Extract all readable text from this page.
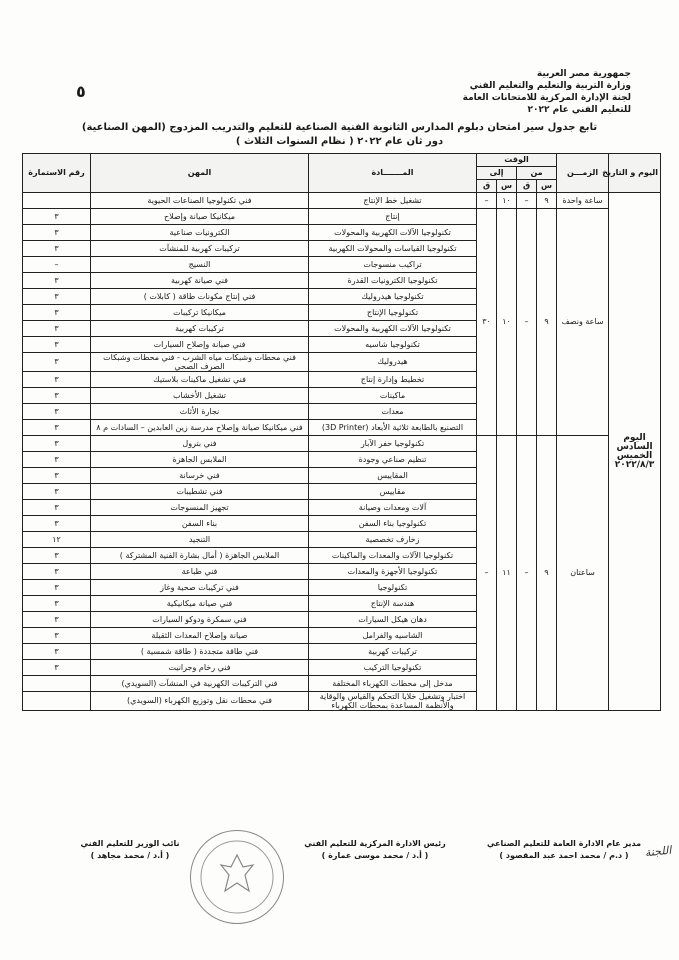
جمهورية مصر العربية
وزارة التربية والتعليم والتعليم الفني
لجنة الإدارة المركزية للامتحانات العامة
للتعليم الفني عام ٢٠٢٢
٥
تابع جدول سير امتحان دبلوم المدارس الثانوية الفنية الصناعية للتعليم والتدريب المزدوج (المهن الصناعية)
( نظام السنوات الثلاث ) دور ثان عام ٢٠٢٢
اليوم و التاريخ	الزمـــن	الوقت				المـــــــادة	المهن	رقم الاستمارة
		من		إلى				
		س	ق	س	ق			

اليوم
السادس
الخميس
٢٠٢٢/٨/٣	ساعة واحدة	٩	–	١٠	–	تشغيل خط الإنتاج	فني تكنولوجيا الصناعات الحيوية	
	ساعة ونصف	٩	–	١٠	٣٠	إنتاج	ميكانيكا صيانة وإصلاح	٣
						تكنولوجيا الآلات الكهربية والمحولات	الكترونيات صناعية	٣
						تكنولوجيا القياسات والمحولات الكهربية	تركيبات كهربية للمنشآت	٣
						تراكيب منسوجات	النسيج	–
						تكنولوجيا الكترونيات القدرة	فني صيانة كهربية	٣
						تكنولوجيا هيدروليك	فني إنتاج مكونات طاقة ( كابلات )	٣
						تكنولوجيا الإنتاج	ميكانيكا تركيبات	٣
						تكنولوجيا الآلات الكهربية والمحولات	تركيبات كهربية	٣
						تكنولوجيا شاسيه	فني صيانة وإصلاح السيارات	٣
						هيدروليك	فني محطات وشبكات مياه الشرب - فني محطات وشبكات الصرف الصحي	٣
						تخطيط وإدارة إنتاج	فني تشغيل ماكينات بلاستيك	٣
						ماكينات	تشغيل الأخشاب	٣
						معدات	نجارة الأثاث	٣
						التصنيع بالطابعة ثلاثية الأبعاد (3D Printer)	فني ميكانيكا صيانة وإصلاح مدرسة زين العابدين – السادات م ٨	٣
	ساعتان	٩	–	١١	–	تكنولوجيا حفر الآبار	فني بترول	٣
						تنظيم صناعي وجودة	الملابس الجاهزة	٣
						المقاييس	فني خرسانة	٣
						مقاييس	فني تشطيبات	٣
						آلات ومعدات وصيانة	تجهيز المنسوجات	٣
						تكنولوجيا بناء السفن	بناء السفن	٣
						زخارف تخصصية	التنجيد	١٢
						تكنولوجيا الآلات والمعدات والماكينات	الملابس الجاهزة ( أمال بشارة الفنية المشتركة )	٣
						تكنولوجيا الأجهزة والمعدات	فني طباعة	٣
						تكنولوجيا	فني تركيبات صحية وغاز	٣
						هندسة الإنتاج	فني صيانة ميكانيكية	٣
						دهان هيكل السيارات	فني سمكرة ودوكو السيارات	٣
						الشاسيه والفرامل	صيانة وإصلاح المعدات الثقيلة	٣
						تركيبات كهربية	فني طاقة متجددة ( طاقة شمسية )	٣
						تكنولوجيا التركيب	فني رخام وجرانيت	٣
						مدخل إلى محطات الكهرباء المختلفة	فني التركيبات الكهربية في المنشآت (السويدي)	
						اختبار وتشغيل خلايا التحكم والقياس والوقاية والأنظمة المساعدة بمحطات الكهرباء	فني محطات نقل وتوزيع الكهرباء (السويدي)	
مدير عام الادارة العامة للتعليم الصناعي
( د.م / محمد احمد عبد المقصود )
رئيس الادارة المركزية للتعليم الفني
( أ.د / محمد موسى عمارة )
نائب الوزير للتعليم الفني
( أ.د / محمد مجاهد )	اللجنة
